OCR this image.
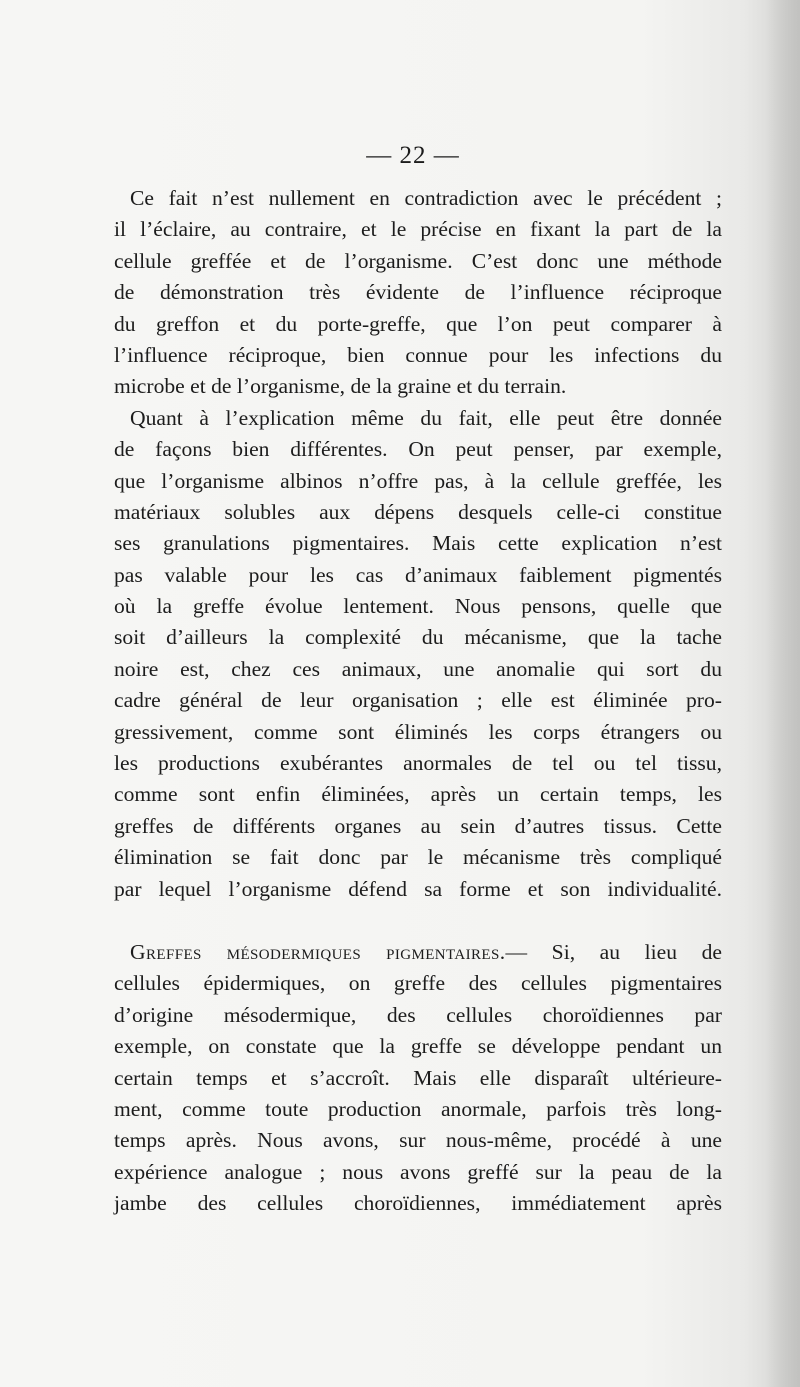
— 22 —
Ce fait n’est nullement en contradiction avec le précédent ;
il l’éclaire, au contraire, et le précise en fixant la part de la
cellule greffée et de l’organisme. C’est donc une méthode
de démonstration très évidente de l’influence réciproque
du greffon et du porte-greffe, que l’on peut comparer à
l’influence réciproque, bien connue pour les infections du
microbe et de l’organisme, de la graine et du terrain.
Quant à l’explication même du fait, elle peut être donnée
de façons bien différentes. On peut penser, par exemple,
que l’organisme albinos n’offre pas, à la cellule greffée, les
matériaux solubles aux dépens desquels celle-ci constitue
ses granulations pigmentaires. Mais cette explication n’est
pas valable pour les cas d’animaux faiblement pigmentés
où la greffe évolue lentement. Nous pensons, quelle que
soit d’ailleurs la complexité du mécanisme, que la tache
noire est, chez ces animaux, une anomalie qui sort du
cadre général de leur organisation ; elle est éliminée pro-
gressivement, comme sont éliminés les corps étrangers ou
les productions exubérantes anormales de tel ou tel tissu,
comme sont enfin éliminées, après un certain temps, les
greffes de différents organes au sein d’autres tissus. Cette
élimination se fait donc par le mécanisme très compliqué
par lequel l’organisme défend sa forme et son individualité.
Greffes mésodermiques pigmentaires.— Si, au lieu de
cellules épidermiques, on greffe des cellules pigmentaires
d’origine mésodermique, des cellules choroïdiennes par
exemple, on constate que la greffe se développe pendant un
certain temps et s’accroît. Mais elle disparaît ultérieure-
ment, comme toute production anormale, parfois très long-
temps après. Nous avons, sur nous-même, procédé à une
expérience analogue ; nous avons greffé sur la peau de la
jambe des cellules choroïdiennes, immédiatement après
